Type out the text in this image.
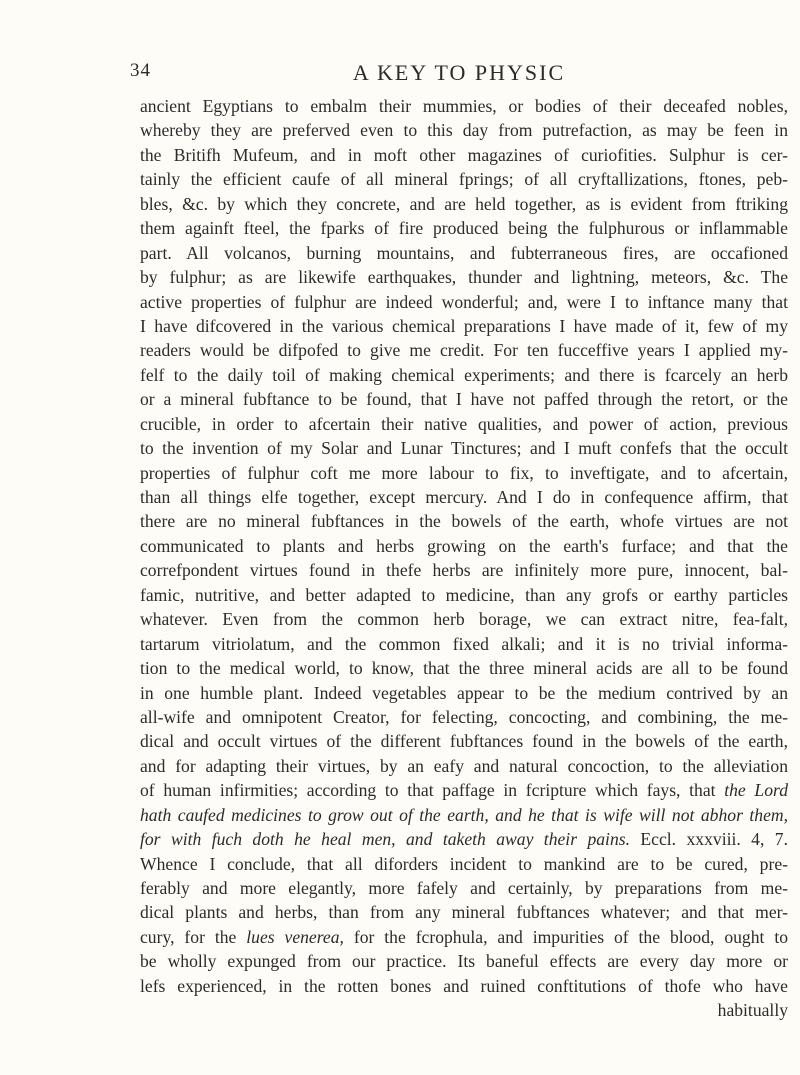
34	A KEY TO PHYSIC
ancient Egyptians to embalm their mummies, or bodies of their deceafed nobles,
whereby they are preferved even to this day from putrefaction, as may be feen in
the Britifh Mufeum, and in moft other magazines of curiofities. Sulphur is cer-
tainly the efficient caufe of all mineral fprings; of all cryftallizations, ftones, peb-
bles, &c. by which they concrete, and are held together, as is evident from ftriking
them againft fteel, the fparks of fire produced being the fulphurous or inflammable
part. All volcanos, burning mountains, and fubterraneous fires, are occafioned
by fulphur; as are likewife earthquakes, thunder and lightning, meteors, &c. The
active properties of fulphur are indeed wonderful; and, were I to inftance many that
I have difcovered in the various chemical preparations I have made of it, few of my
readers would be difpofed to give me credit. For ten fucceffive years I applied my-
felf to the daily toil of making chemical experiments; and there is fcarcely an herb
or a mineral fubftance to be found, that I have not paffed through the retort, or the
crucible, in order to afcertain their native qualities, and power of action, previous
to the invention of my Solar and Lunar Tinctures; and I muft confefs that the occult
properties of fulphur coft me more labour to fix, to inveftigate, and to afcertain,
than all things elfe together, except mercury. And I do in confequence affirm, that
there are no mineral fubftances in the bowels of the earth, whofe virtues are not
communicated to plants and herbs growing on the earth's furface; and that the
correfpondent virtues found in thefe herbs are infinitely more pure, innocent, bal-
famic, nutritive, and better adapted to medicine, than any grofs or earthy particles
whatever. Even from the common herb borage, we can extract nitre, fea-falt,
tartarum vitriolatum, and the common fixed alkali; and it is no trivial informa-
tion to the medical world, to know, that the three mineral acids are all to be found
in one humble plant. Indeed vegetables appear to be the medium contrived by an
all-wife and omnipotent Creator, for felecting, concocting, and combining, the me-
dical and occult virtues of the different fubftances found in the bowels of the earth,
and for adapting their virtues, by an eafy and natural concoction, to the alleviation
of human infirmities; according to that paffage in fcripture which fays, that the Lord
hath caufed medicines to grow out of the earth, and he that is wife will not abhor them,
for with fuch doth he heal men, and taketh away their pains. Eccl. xxxviii. 4, 7.
Whence I conclude, that all diforders incident to mankind are to be cured, pre-
ferably and more elegantly, more fafely and certainly, by preparations from me-
dical plants and herbs, than from any mineral fubftances whatever; and that mer-
cury, for the lues venerea, for the fcrophula, and impurities of the blood, ought to
be wholly expunged from our practice. Its baneful effects are every day more or
lefs experienced, in the rotten bones and ruined conftitutions of thofe who have
habitually
